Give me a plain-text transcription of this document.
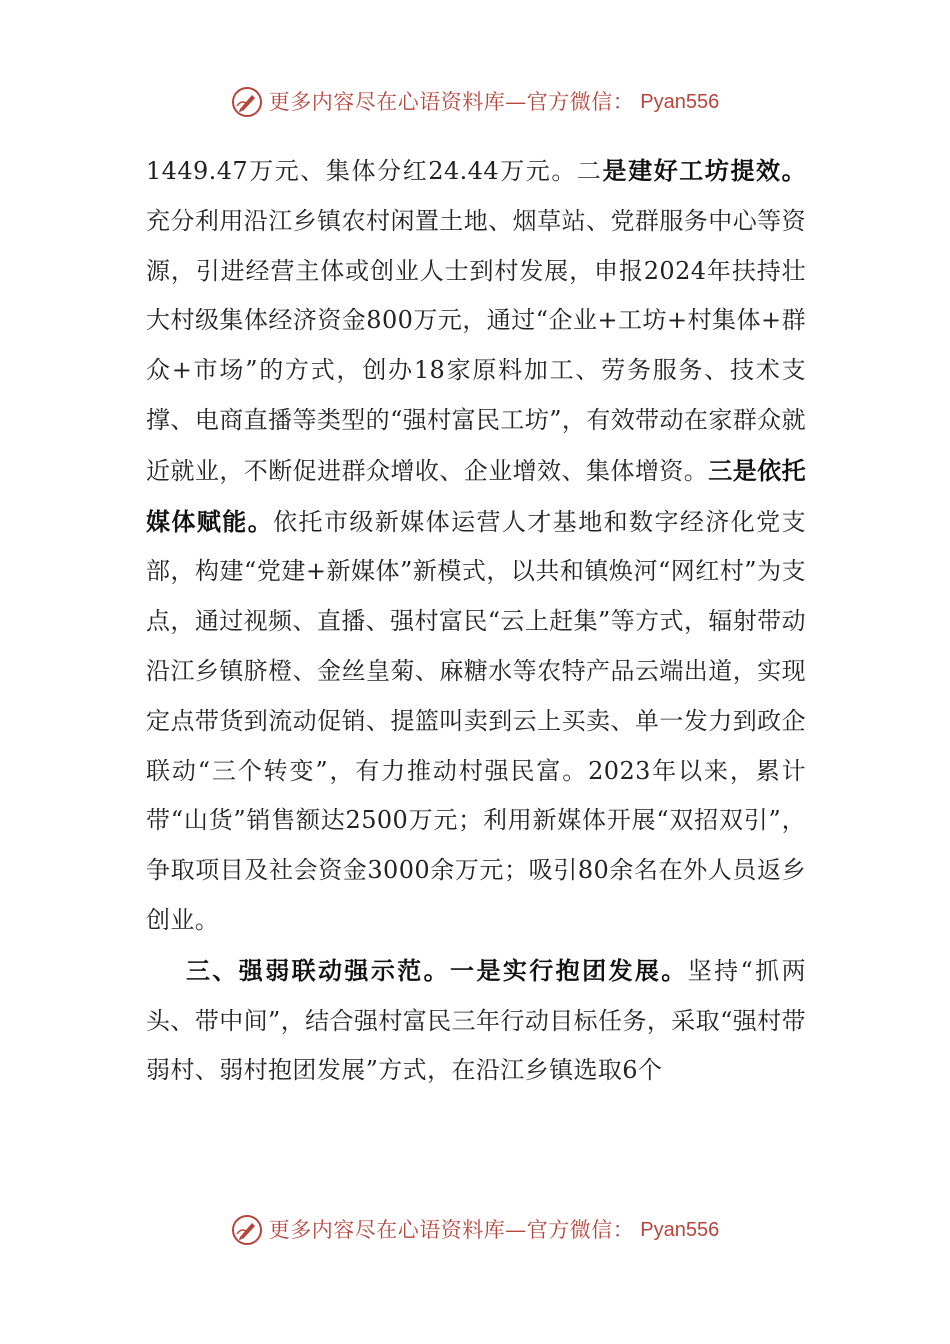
更多内容尽在心语资料库—官方微信： Pyan556

1449.47万元、集体分红24.44万元。二是建好工坊提效。充分利用沿江乡镇农村闲置土地、烟草站、党群服务中心等资源，引进经营主体或创业人士到村发展，申报2024年扶持壮大村级集体经济资金800万元，通过“企业+工坊+村集体+群众+市场”的方式，创办18家原料加工、劳务服务、技术支撑、电商直播等类型的“强村富民工坊”，有效带动在家群众就近就业，不断促进群众增收、企业增效、集体增资。三是依托媒体赋能。依托市级新媒体运营人才基地和数字经济化党支部，构建“党建+新媒体”新模式，以共和镇焕河“网红村”为支点，通过视频、直播、强村富民“云上赶集”等方式，辐射带动沿江乡镇脐橙、金丝皇菊、麻糖水等农特产品云端出道，实现定点带货到流动促销、提篮叫卖到云上买卖、单一发力到政企联动“三个转变”，有力推动村强民富。2023年以来，累计带“山货”销售额达2500万元；利用新媒体开展“双招双引”，争取项目及社会资金3000余万元；吸引80余名在外人员返乡创业。

三、强弱联动强示范。一是实行抱团发展。坚持“抓两头、带中间”，结合强村富民三年行动目标任务，采取“强村带弱村、弱村抱团发展”方式，在沿江乡镇选取6个

更多内容尽在心语资料库—官方微信： Pyan556
